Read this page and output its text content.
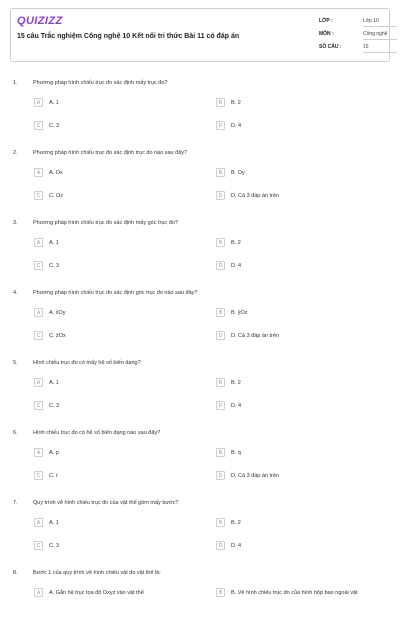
QUIZIZZ
15 câu Trắc nghiệm Công nghệ 10 Kết nối tri thức Bài 11 có đáp án
LỚP :	Lớp 10
MÔN :	Công nghệ
SỐ CÂU :	15
1.	Phương pháp hình chiếu trục đo xác định mấy trục đo?
A	A. 1	B	B. 2
C	C. 3	D	D. 4
2.	Phương pháp hình chiếu trục đo xác định trục đo nào sau đây?
A	A. Ox	B	B. Oy
C	C. Oz	D	D. Cả 3 đáp án trên
3.	Phương pháp hình chiếu trục đo xác định mấy góc trục đo?
A	A. 1	B	B. 2
C	C. 3	D	D. 4
4.	Phương pháp hình chiếu trục đo xác định góc trục đo nào sau đây?
A	A. x̂Oy	B	B. ŷOz
C	C. ẑOx	D	D. Cả 3 đáp án trên
5.	Hình chiếu trục đo có mấy hệ số biến dạng?
A	A. 1	B	B. 2
C	C. 3	D	D. 4
6.	Hình chiếu trục đo có hệ số biến dạng nào sau đây?
A	A. p	B	B. q
C	C. r	D	D. Cả 3 đáp án trên
7.	Quy trình vẽ hình chiếu trục đo của vật thể gồm mấy bước?
A	A. 1	B	B. 2
C	C. 3	D	D. 4
8.	Bước 1 của quy trình vẽ hình chiếu vật đo vật thể là:
A	A. Gắn hệ trục tọa độ Oxyz vào vật thể	B	B. Vẽ hình chiếu trục đo của hình hộp bao ngoài vật
